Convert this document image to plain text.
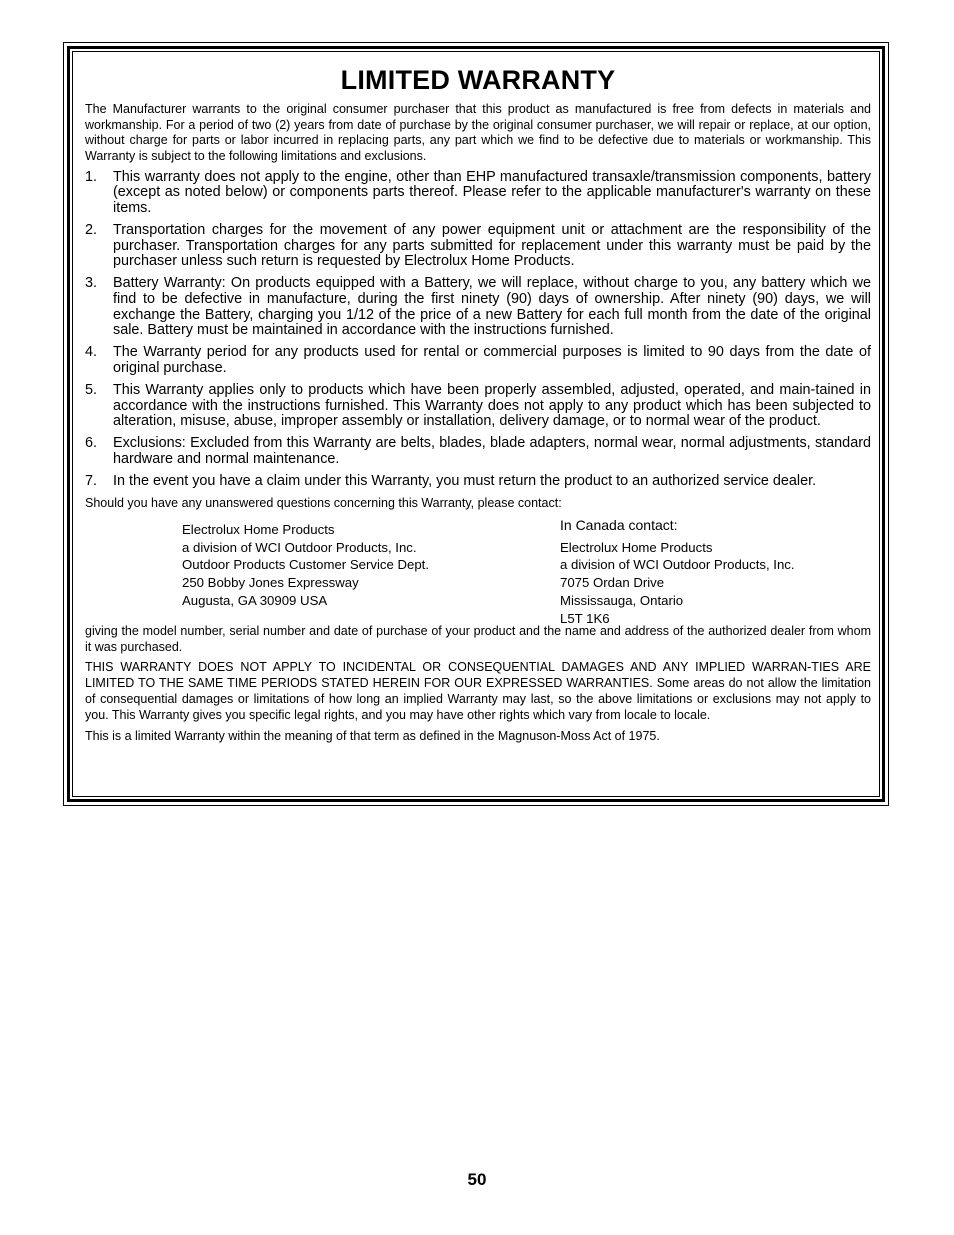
LIMITED WARRANTY

The Manufacturer warrants to the original consumer purchaser that this product as manufactured is free from defects in materials and workmanship. For a period of two (2) years from date of purchase by the original consumer purchaser, we will repair or replace, at our option, without charge for parts or labor incurred in replacing parts, any part which we find to be defective due to materials or workmanship. This Warranty is subject to the following limitations and exclusions.

1. This warranty does not apply to the engine, other than EHP manufactured transaxle/transmission components, battery (except as noted below) or components parts thereof. Please refer to the applicable manufacturer's warranty on these items.
2. Transportation charges for the movement of any power equipment unit or attachment are the responsibility of the purchaser. Transportation charges for any parts submitted for replacement under this warranty must be paid by the purchaser unless such return is requested by Electrolux Home Products.
3. Battery Warranty: On products equipped with a Battery, we will replace, without charge to you, any battery which we find to be defective in manufacture, during the first ninety (90) days of ownership. After ninety (90) days, we will exchange the Battery, charging you 1/12 of the price of a new Battery for each full month from the date of the original sale. Battery must be maintained in accordance with the instructions furnished.
4. The Warranty period for any products used for rental or commercial purposes is limited to 90 days from the date of original purchase.
5. This Warranty applies only to products which have been properly assembled, adjusted, operated, and main-tained in accordance with the instructions furnished. This Warranty does not apply to any product which has been subjected to alteration, misuse, abuse, improper assembly or installation, delivery damage, or to normal wear of the product.
6. Exclusions: Excluded from this Warranty are belts, blades, blade adapters, normal wear, normal adjustments, standard hardware and normal maintenance.
7. In the event you have a claim under this Warranty, you must return the product to an authorized service dealer.

Should you have any unanswered questions concerning this Warranty, please contact:

Electrolux Home Products
a division of WCI Outdoor Products, Inc.
Outdoor Products Customer Service Dept.
250 Bobby Jones Expressway
Augusta, GA 30909 USA
In Canada contact:
Electrolux Home Products
a division of WCI Outdoor Products, Inc.
7075 Ordan Drive
Mississauga, Ontario
L5T 1K6

giving the model number, serial number and date of purchase of your product and the name and address of the authorized dealer from whom it was purchased.

THIS WARRANTY DOES NOT APPLY TO INCIDENTAL OR CONSEQUENTIAL DAMAGES AND ANY IMPLIED WARRAN-TIES ARE LIMITED TO THE SAME TIME PERIODS STATED HEREIN FOR OUR EXPRESSED WARRANTIES. Some areas do not allow the limitation of consequential damages or limitations of how long an implied Warranty may last, so the above limitations or exclusions may not apply to you. This Warranty gives you specific legal rights, and you may have other rights which vary from locale to locale.

This is a limited Warranty within the meaning of that term as defined in the Magnuson-Moss Act of 1975.

50
